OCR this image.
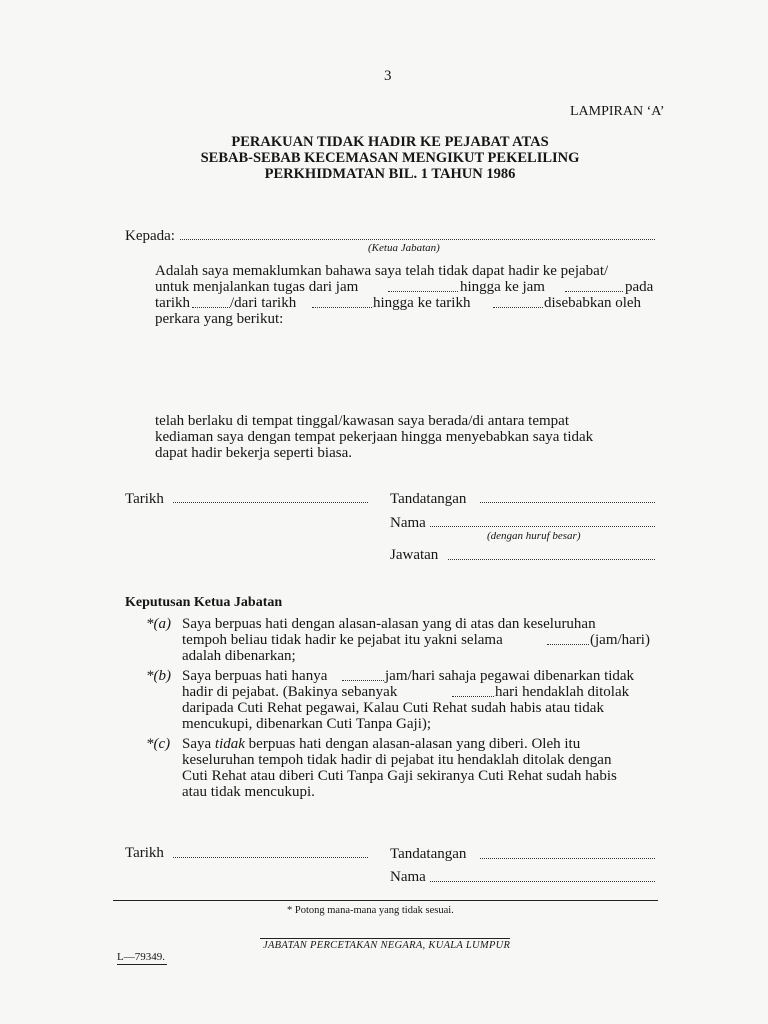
3
LAMPIRAN ‘A’
PERAKUAN TIDAK HADIR KE PEJABAT ATAS
SEBAB-SEBAB KECEMASAN MENGIKUT PEKELILING
PERKHIDMATAN BIL. 1 TAHUN 1986
Kepada:
(Ketua Jabatan)
Adalah saya memaklumkan bahawa saya telah tidak dapat hadir ke pejabat/
untuk menjalankan tugas dari jam	hingga ke jam	pada
tarikh	/dari tarikh	hingga ke tarikh	disebabkan oleh
perkara yang berikut:
telah berlaku di tempat tinggal/kawasan saya berada/di antara tempat
kediaman saya dengan tempat pekerjaan hingga menyebabkan saya tidak
dapat hadir bekerja seperti biasa.
Tarikh	Tandatangan
Nama
(dengan huruf besar)
Jawatan
Keputusan Ketua Jabatan
*(a) Saya berpuas hati dengan alasan-alasan yang di atas dan keseluruhan
tempoh beliau tidak hadir ke pejabat itu yakni selama	(jam/hari)
adalah dibenarkan;
*(b) Saya berpuas hati hanya	jam/hari sahaja pegawai dibenarkan tidak
hadir di pejabat. (Bakinya sebanyak	hari hendaklah ditolak
daripada Cuti Rehat pegawai, Kalau Cuti Rehat sudah habis atau tidak
mencukupi, dibenarkan Cuti Tanpa Gaji);
*(c) Saya tidak berpuas hati dengan alasan-alasan yang diberi. Oleh itu
keseluruhan tempoh tidak hadir di pejabat itu hendaklah ditolak dengan
Cuti Rehat atau diberi Cuti Tanpa Gaji sekiranya Cuti Rehat sudah habis
atau tidak mencukupi.
Tarikh	Tandatangan
Nama
* Potong mana-mana yang tidak sesuai.
JABATAN PERCETAKAN NEGARA, KUALA LUMPUR
L—79349.
